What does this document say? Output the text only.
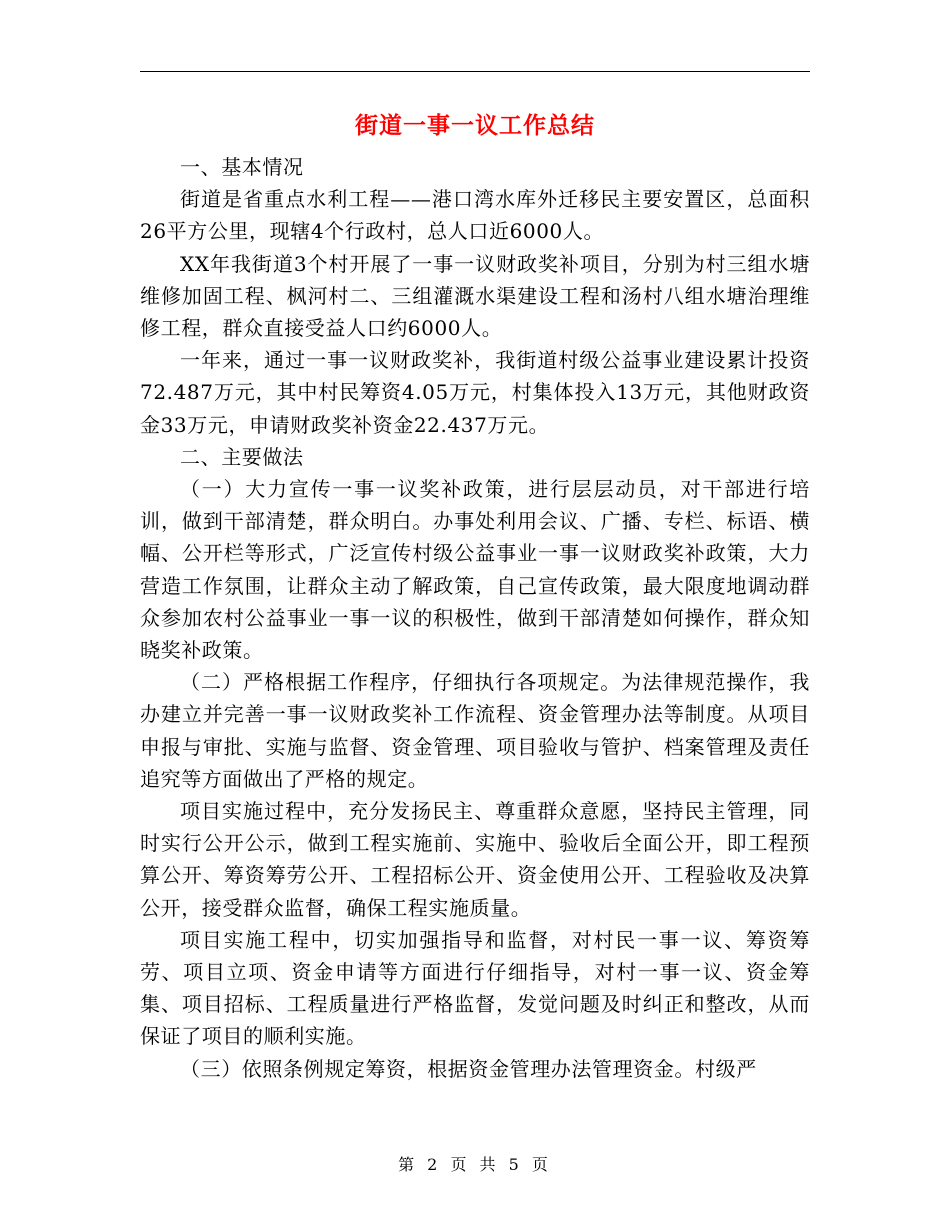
街道一事一议工作总结

一、基本情况

街道是省重点水利工程——港口湾水库外迁移民主要安置区，总面积26平方公里，现辖4个行政村，总人口近6000人。

XX年我街道3个村开展了一事一议财政奖补项目，分别为村三组水塘维修加固工程、枫河村二、三组灌溉水渠建设工程和汤村八组水塘治理维修工程，群众直接受益人口约6000人。

一年来，通过一事一议财政奖补，我街道村级公益事业建设累计投资72.487万元，其中村民筹资4.05万元，村集体投入13万元，其他财政资金33万元，申请财政奖补资金22.437万元。

二、主要做法

（一）大力宣传一事一议奖补政策，进行层层动员，对干部进行培训，做到干部清楚，群众明白。办事处利用会议、广播、专栏、标语、横幅、公开栏等形式，广泛宣传村级公益事业一事一议财政奖补政策，大力营造工作氛围，让群众主动了解政策，自己宣传政策，最大限度地调动群众参加农村公益事业一事一议的积极性，做到干部清楚如何操作，群众知晓奖补政策。

（二）严格根据工作程序，仔细执行各项规定。为法律规范操作，我办建立并完善一事一议财政奖补工作流程、资金管理办法等制度。从项目申报与审批、实施与监督、资金管理、项目验收与管护、档案管理及责任追究等方面做出了严格的规定。

项目实施过程中，充分发扬民主、尊重群众意愿，坚持民主管理，同时实行公开公示，做到工程实施前、实施中、验收后全面公开，即工程预算公开、筹资筹劳公开、工程招标公开、资金使用公开、工程验收及决算公开，接受群众监督，确保工程实施质量。

项目实施工程中，切实加强指导和监督，对村民一事一议、筹资筹劳、项目立项、资金申请等方面进行仔细指导，对村一事一议、资金筹集、项目招标、工程质量进行严格监督，发觉问题及时纠正和整改，从而保证了项目的顺利实施。

（三）依照条例规定筹资，根据资金管理办法管理资金。村级严

第 2 页 共 5 页
